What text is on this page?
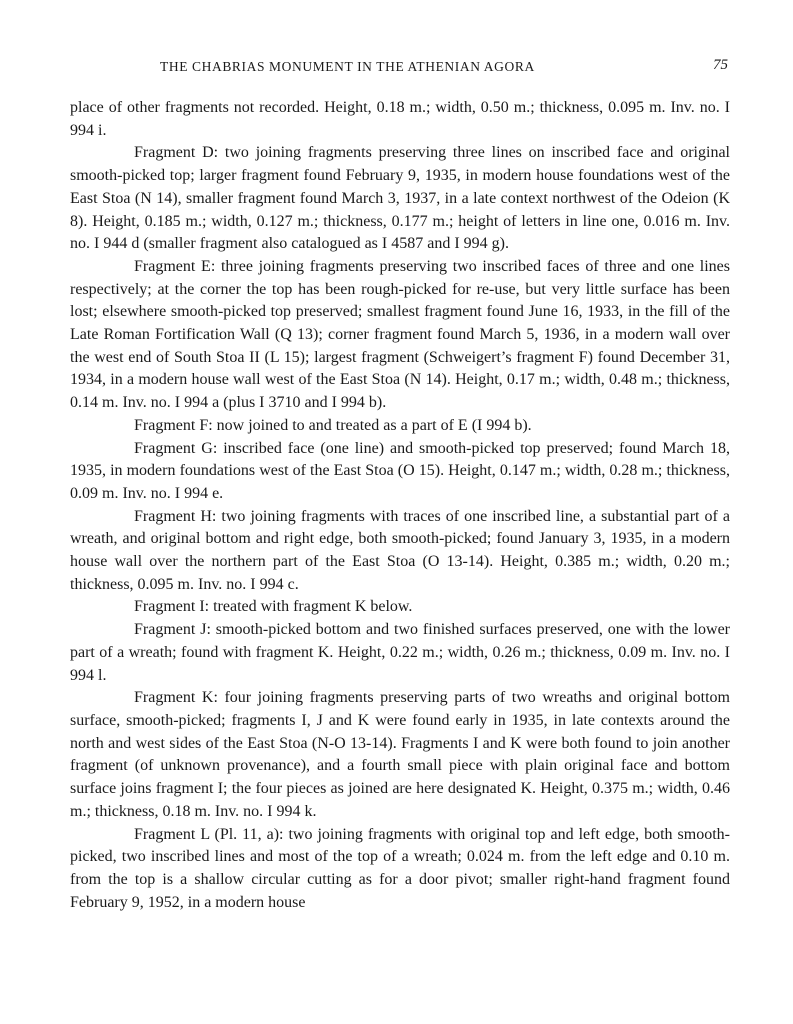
THE CHABRIAS MONUMENT IN THE ATHENIAN AGORA	75

place of other fragments not recorded. Height, 0.18 m.; width, 0.50 m.; thickness, 0.095 m. Inv. no. I 994 i.

Fragment D: two joining fragments preserving three lines on inscribed face and original smooth-picked top; larger fragment found February 9, 1935, in modern house foundations west of the East Stoa (N 14), smaller fragment found March 3, 1937, in a late context northwest of the Odeion (K 8). Height, 0.185 m.; width, 0.127 m.; thickness, 0.177 m.; height of letters in line one, 0.016 m. Inv. no. I 944 d (smaller fragment also catalogued as I 4587 and I 994 g).

Fragment E: three joining fragments preserving two inscribed faces of three and one lines respectively; at the corner the top has been rough-picked for re-use, but very little surface has been lost; elsewhere smooth-picked top preserved; smallest fragment found June 16, 1933, in the fill of the Late Roman Fortification Wall (Q 13); corner fragment found March 5, 1936, in a modern wall over the west end of South Stoa II (L 15); largest fragment (Schweigert’s fragment F) found December 31, 1934, in a modern house wall west of the East Stoa (N 14). Height, 0.17 m.; width, 0.48 m.; thickness, 0.14 m. Inv. no. I 994 a (plus I 3710 and I 994 b).

Fragment F: now joined to and treated as a part of E (I 994 b).

Fragment G: inscribed face (one line) and smooth-picked top preserved; found March 18, 1935, in modern foundations west of the East Stoa (O 15). Height, 0.147 m.; width, 0.28 m.; thickness, 0.09 m. Inv. no. I 994 e.

Fragment H: two joining fragments with traces of one inscribed line, a substantial part of a wreath, and original bottom and right edge, both smooth-picked; found January 3, 1935, in a modern house wall over the northern part of the East Stoa (O 13-14). Height, 0.385 m.; width, 0.20 m.; thickness, 0.095 m. Inv. no. I 994 c.

Fragment I: treated with fragment K below.

Fragment J: smooth-picked bottom and two finished surfaces preserved, one with the lower part of a wreath; found with fragment K. Height, 0.22 m.; width, 0.26 m.; thickness, 0.09 m. Inv. no. I 994 l.

Fragment K: four joining fragments preserving parts of two wreaths and original bottom surface, smooth-picked; fragments I, J and K were found early in 1935, in late contexts around the north and west sides of the East Stoa (N-O 13-14). Fragments I and K were both found to join another fragment (of unknown provenance), and a fourth small piece with plain original face and bottom surface joins fragment I; the four pieces as joined are here designated K. Height, 0.375 m.; width, 0.46 m.; thickness, 0.18 m. Inv. no. I 994 k.

Fragment L (Pl. 11, a): two joining fragments with original top and left edge, both smooth-picked, two inscribed lines and most of the top of a wreath; 0.024 m. from the left edge and 0.10 m. from the top is a shallow circular cutting as for a door pivot; smaller right-hand fragment found February 9, 1952, in a modern house
